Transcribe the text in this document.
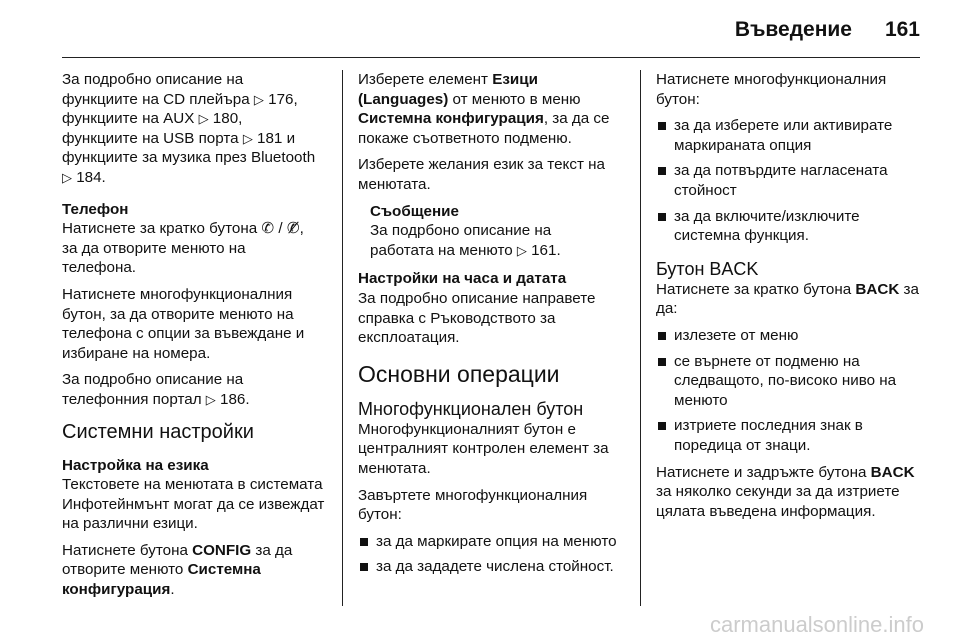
Въведение 161

За подробно описание на
функциите на CD плейъра ▷ 176,
функциите на AUX ▷ 180,
функциите на USB порта ▷ 181 и
функциите за музика през Bluetooth
▷ 184.

Телефон

Натиснете за кратко бутона ✆ / ✆̸,
за да отворите менюто на
телефона.

Натиснете многофункционалния бутон, за да отворите менюто на телефона с опции за въвеждане и избиране на номера.

За подробно описание на
телефонния портал ▷ 186.

Системни настройки
Настройка на езика

Текстовете на менютата в системата Инфотейнмънт могат да се извеждат на различни езици.

Натиснете бутона CONFIG за да отворите менюто Системна конфигурация.

Изберете елемент Езици (Languages) от менюто в меню Системна конфигурация, за да се покаже съответното подменю.

Изберете желания език за текст на менютата.

Съобщение
За подрбоно описание на
работата на менюто ▷ 161.
Настройки на часа и датата

За подробно описание направете справка с Ръководството за експлоатация.

Основни операции
Многофункционален бутон

Многофункционалният бутон е централният контролен елемент за менютата.

Завъртете многофункционалния бутон:

за да маркирате опция на менюто
за да зададете числена стойност.

Натиснете многофункционалния бутон:

за да изберете или активирате маркираната опция
за да потвърдите нагласената стойност
за да включите/изключите системна функция.
Бутон BACK

Натиснете за кратко бутона BACK за да:

излезете от меню
се върнете от подменю на следващото, по-високо ниво на менюто
изтриете последния знак в поредица от знаци.

Натиснете и задръжте бутона BACK за няколко секунди за да изтриете цялата въведена информация.

carmanualsonline.info
